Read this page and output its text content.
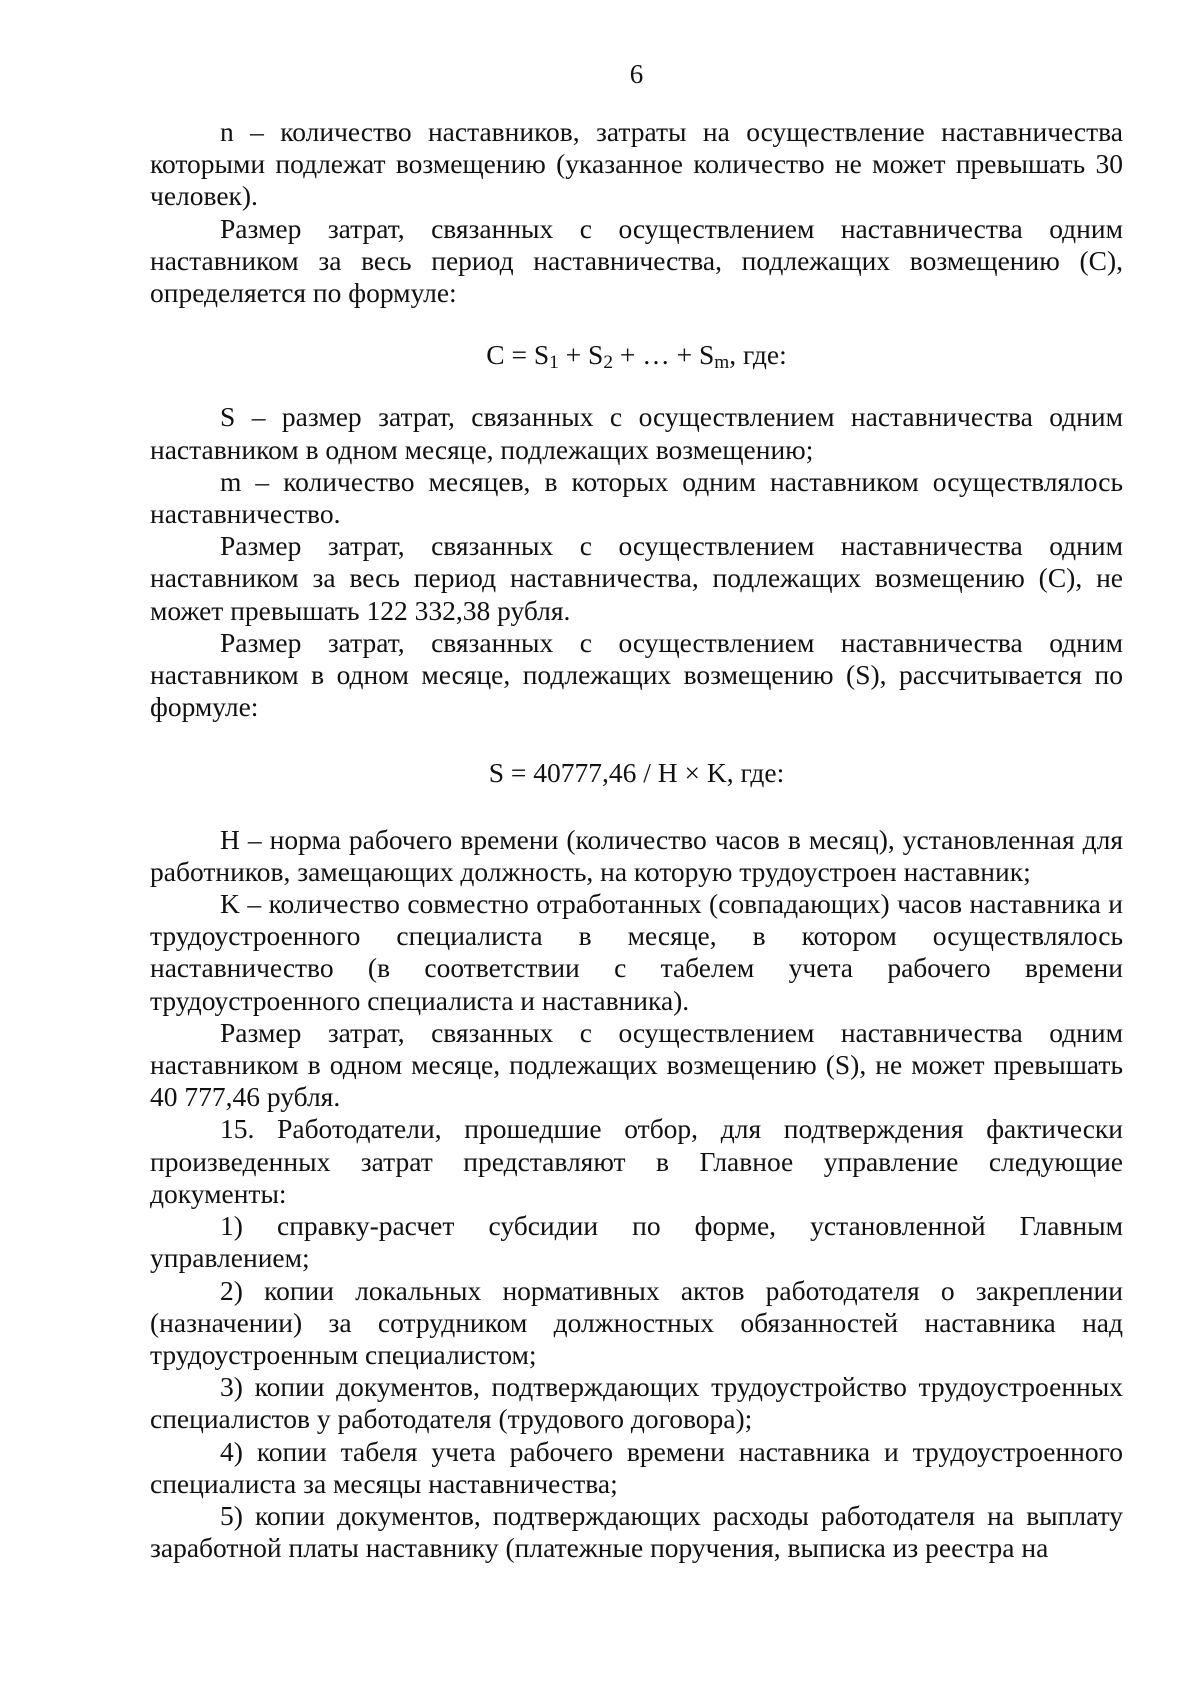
6

n – количество наставников, затраты на осуществление наставничества которыми подлежат возмещению (указанное количество не может превышать 30 человек).

Размер затрат, связанных с осуществлением наставничества одним наставником за весь период наставничества, подлежащих возмещению (С), определяется по формуле:

$С = S_1 + S_2$ + … + $S_m$, где:

S – размер затрат, связанных с осуществлением наставничества одним наставником в одном месяце, подлежащих возмещению;

m – количество месяцев, в которых одним наставником осуществлялось наставничество.

Размер затрат, связанных с осуществлением наставничества одним наставником за весь период наставничества, подлежащих возмещению (С), не может превышать 122 332,38 рубля.

Размер затрат, связанных с осуществлением наставничества одним наставником в одном месяце, подлежащих возмещению (S), рассчитывается по формуле:

S = 40777,46 / Н × K, где:

Н – норма рабочего времени (количество часов в месяц), установленная для работников, замещающих должность, на которую трудоустроен наставник;

K – количество совместно отработанных (совпадающих) часов наставника и трудоустроенного специалиста в месяце, в котором осуществлялось наставничество (в соответствии с табелем учета рабочего времени трудоустроенного специалиста и наставника).

Размер затрат, связанных с осуществлением наставничества одним наставником в одном месяце, подлежащих возмещению (S), не может превышать 40 777,46 рубля.

15. Работодатели, прошедшие отбор, для подтверждения фактически произведенных затрат представляют в Главное управление следующие документы:

1) справку-расчет субсидии по форме, установленной Главным управлением;

2) копии локальных нормативных актов работодателя о закреплении (назначении) за сотрудником должностных обязанностей наставника над трудоустроенным специалистом;

3) копии документов, подтверждающих трудоустройство трудоустроенных специалистов у работодателя (трудового договора);

4) копии табеля учета рабочего времени наставника и трудоустроенного специалиста за месяцы наставничества;

5) копии документов, подтверждающих расходы работодателя на выплату заработной платы наставнику (платежные поручения, выписка из реестра на
